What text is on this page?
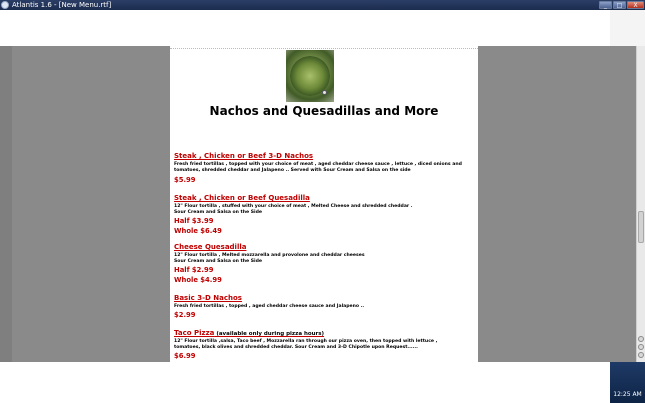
Atlantis 1.6 - [New Menu.rtf]	_	□	X
Nachos and Quesadillas and More
Steak , Chicken or Beef 3-D Nachos
Fresh fried tortillas , topped with your choice of meat , aged cheddar cheese sauce , lettuce , diced onions and
tomatoes, shredded cheddar and Jalapeno .. Served with Sour Cream and Salsa on the side
$5.99
Steak , Chicken or Beef Quesadilla
12" Flour tortilla , stuffed with your choice of meat , Melted Cheese and shredded cheddar .
Sour Cream and Salsa on the Side
Half $3.99
Whole $6.49
Cheese Quesadilla
12" Flour tortilla , Melted mozzarella and provolone and cheddar cheeses
Sour Cream and Salsa on the Side
Half $2.99
Whole $4.99
Basic 3-D Nachos
Fresh fried tortillas , topped , aged cheddar cheese sauce and Jalapeno ..
$2.99
Taco Pizza (available only during pizza hours)
12" Flour tortilla ,salsa, Taco beef , Mozzarella ran through our pizza oven, then topped with lettuce ,
tomatoes, black olives and shredded cheddar. Sour Cream and 3-D Chipotle upon Request......
$6.99
12:25 AM
